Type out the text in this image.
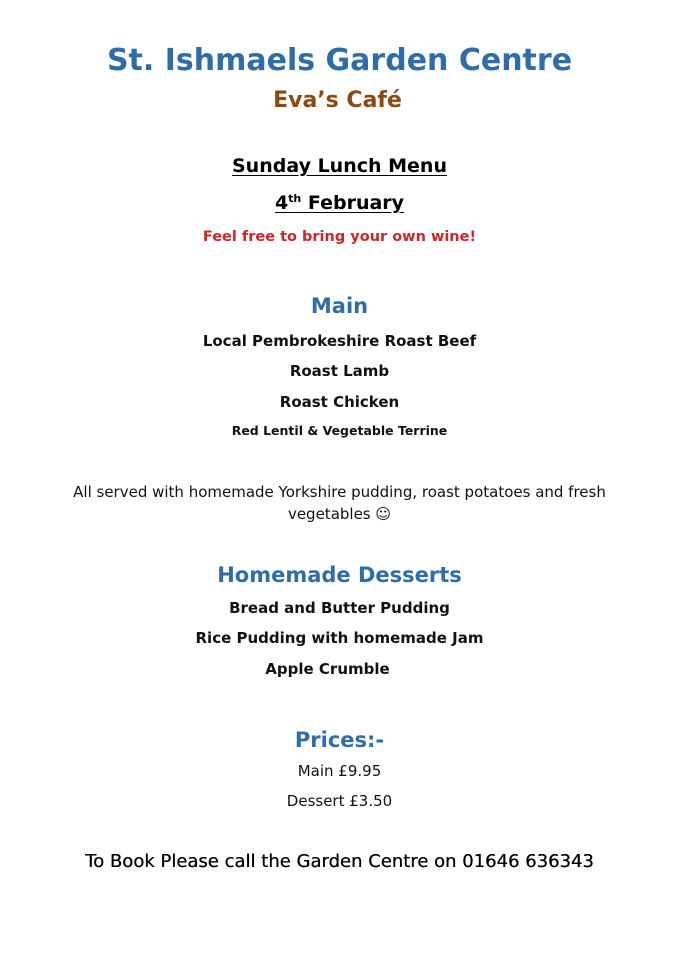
St. Ishmaels Garden Centre
Eva’s Café
Sunday Lunch Menu
4th February
Feel free to bring your own wine!
Main
Local Pembrokeshire Roast Beef
Roast Lamb
Roast Chicken
Red Lentil & Vegetable Terrine
All served with homemade Yorkshire pudding, roast potatoes and fresh vegetables ☺
Homemade Desserts
Bread and Butter Pudding
Rice Pudding with homemade Jam
Apple Crumble
Prices:-
Main £9.95
Dessert £3.50
To Book Please call the Garden Centre on 01646 636343
